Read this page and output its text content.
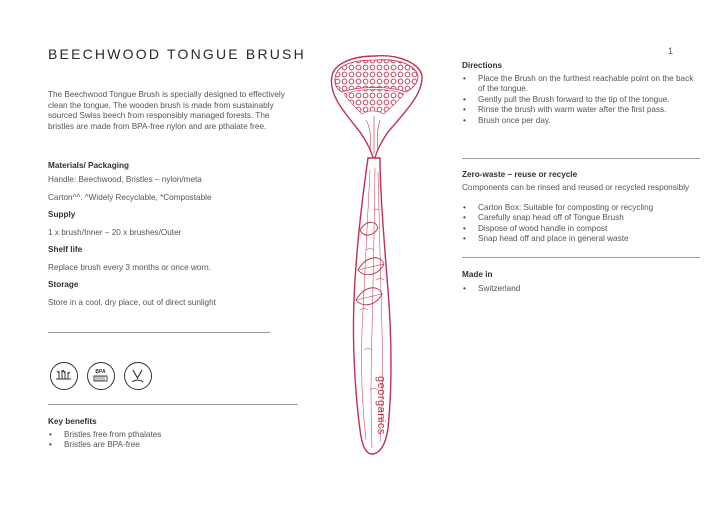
BEECHWOOD TONGUE BRUSH	1
The Beechwood Tongue Brush is specially designed to effectively clean the tongue. The wooden brush is made from sustainably sourced Swiss beech from responsibly managed forests. The bristles are made from BPA-free nylon and are pthalate free.
Materials/ Packaging
Handle: Beechwood, Bristles – nylon/meta
Carton^^. ^Widely Recyclable, *Compostable
Supply
1 x brush/Inner – 20 x brushes/Outer
Shelf life
Replace brush every 3 months or once worn.
Storage
Store in a cool, dry place, out of direct sunlight
BPA
Key benefits
• Bristles free from pthalates
• Bristles are BPA-free
georganics
Directions
• Place the Brush on the furthest reachable point on the back of the tongue.
• Gently pull the Brush forward to the tip of the tongue.
• Rinse the brush with warm water after the first pass.
• Brush once per day.
Zero-waste – reuse or recycle
Components can be rinsed and reused or recycled responsibly
• Carton Box: Suitable for composting or recycling
• Carefully snap head off of Tongue Brush
• Dispose of wood handle in compost
• Snap head off and place in general waste
Made in
• Switzerland
